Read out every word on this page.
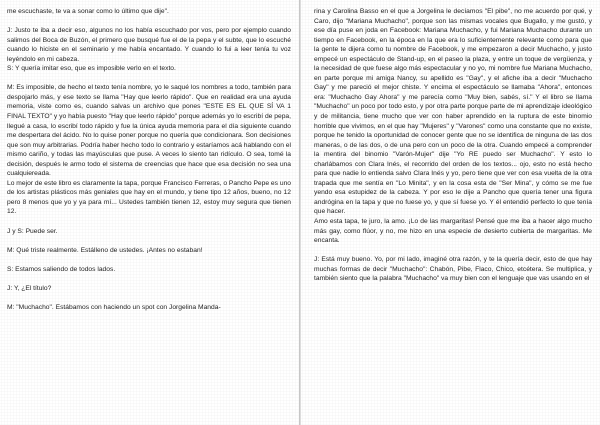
me escuchaste, te va a sonar como lo último que dije".

J: Justo te iba a decir eso, algunos no los había escuchado por vos, pero por ejemplo cuando salimos del Boca de Buzón, el primero que busqué fue el de la pepa y el subte, que lo escuché cuando lo hiciste en el seminario y me había encantado. Y cuando lo fui a leer tenía tu voz leyéndolo en mi cabeza.

S: Y quería imitar eso, que es imposible verlo en el texto.

M: Es imposible, de hecho el texto tenía nombre, yo le saqué los nombres a todo, también para despojarlo más, y ese texto se llama "Hay que leerlo rápido". Que en realidad era una ayuda memoria, viste como es, cuando salvas un archivo que pones "ESTE ES EL QUE SÍ VA 1 FINAL TEXTO" y yo había puesto "Hay que leerlo rápido" porque además yo lo escribí de pepa, llegué a casa, lo escribí todo rápido y fue la única ayuda memoria para el día siguiente cuando me despertara del ácido. No lo quise poner porque no quería que condicionara. Son decisiones que son muy arbitrarias. Podría haber hecho todo lo contrario y estaríamos acá hablando con el mismo cariño, y todas las mayúsculas que puse. A veces lo siento tan ridículo. O sea, tomé la decisión, después le armo todo el sistema de creencias que hace que esa decisión no sea una cualquiereada.

Lo mejor de este libro es claramente la tapa, porque Francisco Ferreras, o Pancho Pepe es uno de los artistas plásticos más geniales que hay en el mundo, y tiene tipo 12 años, bueno, no 12 pero 8 menos que yo y ya para mí... Ustedes también tienen 12, estoy muy segura que tienen 12.

J y S: Puede ser.

M: Qué triste realmente. Estálleno de ustedes. ¡Antes no estaban!

S: Estamos saliendo de todos lados.

J: Y, ¿El título?

M: "Muchacho". Estábamos con haciendo un spot con Jorgelina Manda-

rina y Carolina Basso en el que a Jorgelina le decíamos "El pibe", no me acuerdo por qué, y Caro, dijo "Mariana Muchacho", porque son las mismas vocales que Bugallo, y me gustó, y ese día puse en joda en Facebook: Mariana Muchacho, y fui Mariana Muchacho durante un tiempo en Facebook, en la época en la que era lo suficientemente relevante como para que la gente te dijera como tu nombre de Facebook, y me empezaron a decir Muchacho, y justo empecé un espectáculo de Stand-up, en el paseo la plaza, y entre un toque de vergüenza, y la necesidad de que fuese algo más espectacular y no yo, mi nombre fue Mariana Muchacho, en parte porque mi amiga Nancy, su apellido es "Gay", y el afiche iba a decir "Muchacho Gay" y me pareció el mejor chiste. Y encima el espectáculo se llamaba "Ahora", entonces era: "Muchacho Gay Ahora" y me parecía como "Muy bien, sabés, sí." Y el libro se llama "Muchacho" un poco por todo esto, y por otra parte porque parte de mi aprendizaje ideológico y de militancia, tiene mucho que ver con haber aprendido en la ruptura de este binomio horrible que vivimos, en el que hay "Mujeres" y "Varones" como una constante que no existe, porque he tenido la oportunidad de conocer gente que no se identifica de ninguna de las dos maneras, o de las dos, o de una pero con un poco de la otra. Cuando empecé a comprender la mentira del binomio "Varón-Mujer" dije "Yo RE puedo ser Muchacho". Y esto lo charlábamos con Clara Inés, el recorrido del orden de los textos... ojo, esto no está hecho para que nadie lo entienda salvo Clara Inés y yo, pero tiene que ver con esa vuelta de la otra trapada que me sentía en "Lo Minita", y en la cosa esta de "Ser Mina", y cómo se me fue yendo esa estupidez de la cabeza. Y por eso le dije a Pancho que quería tener una figura andrógina en la tapa y que no fuese yo, y que sí fuese yo. Y él entendió perfecto lo que tenía que hacer.

Amo esta tapa, te juro, la amo. ¡Lo de las margaritas! Pensé que me iba a hacer algo mucho más gay, como flúor, y no, me hizo en una especie de desierto cubierta de margaritas. Me encanta.

J: Está muy bueno. Yo, por mi lado, imaginé otra razón, y te la quería decir, esto de que hay muchas formas de decir "Muchacho": Chabón, Pibe, Flaco, Chico, etcétera. Se multiplica, y también siento que la palabra "Muchacho" va muy bien con el lenguaje que vas usando en el
